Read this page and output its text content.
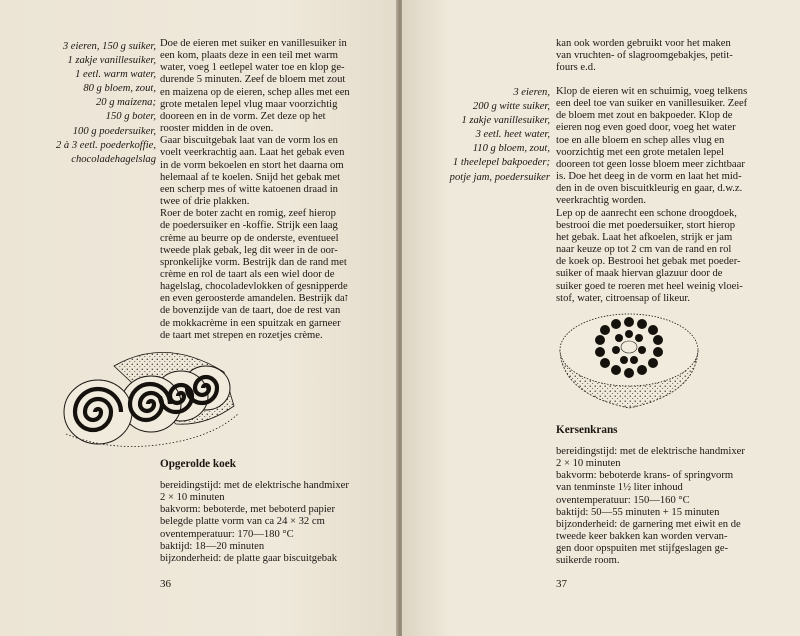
3 eieren, 150 g suiker,
1 zakje vanillesuiker,
1 eetl. warm water,
80 g bloem, zout,
20 g maizena;
150 g boter,
100 g poedersuiker,
2 à 3 eetl. poederkoffie,
chocoladehagelslag

Doe de eieren met suiker en vanillesuiker in
een kom, plaats deze in een teil met warm
water, voeg 1 eetlepel water toe en klop ge-
durende 5 minuten. Zeef de bloem met zout
en maizena op de eieren, schep alles met een
grote metalen lepel vlug maar voorzichtig
dooreen en in de vorm. Zet deze op het
rooster midden in de oven.
Gaar biscuitgebak laat van de vorm los en
voelt veerkrachtig aan. Laat het gebak even
in de vorm bekoelen en stort het daarna om
helemaal af te koelen. Snijd het gebak met
een scherp mes of witte katoenen draad in
twee of drie plakken.
Roer de boter zacht en romig, zeef hierop
de poedersuiker en -koffie. Strijk een laag
crème au beurre op de onderste, eventueel
tweede plak gebak, leg dit weer in de oor-
spronkelijke vorm. Bestrijk dan de rand met
crème en rol de taart als een wiel door de
hagelslag, chocoladevlokken of gesnipperde
en even geroosterde amandelen. Bestrijk daז
de bovenzijde van de taart, doe de rest van
de mokkacrème in een spuitzak en garneer
de taart met strepen en rozetjes crème.

Opgerolde koek

bereidingstijd: met de elektrische handmixer
2 × 10 minuten
bakvorm: beboterde, met beboterd papier
belegde platte vorm van ca 24 × 32 cm
oventemperatuur: 170—180 °C
baktijd: 18—20 minuten
bijzonderheid: de platte gaar biscuitgebak
36

kan ook worden gebruikt voor het maken
van vruchten- of slagroomgebakjes, petit-
fours e.d.

3 eieren,
200 g witte suiker,
1 zakje vanillesuiker,
3 eetl. heet water,
110 g bloem, zout,
1 theelepel bakpoeder;
potje jam, poedersuiker

Klop de eieren wit en schuimig, voeg telkens
een deel toe van suiker en vanillesuiker. Zeef
de bloem met zout en bakpoeder. Klop de
eieren nog even goed door, voeg het water
toe en alle bloem en schep alles vlug en
voorzichtig met een grote metalen lepel
dooreen tot geen losse bloem meer zichtbaar
is. Doe het deeg in de vorm en laat het mid-
den in de oven biscuitkleurig en gaar, d.w.z.
veerkrachtig worden.
Lep op de aanrecht een schone droogdoek,
bestrooi die met poedersuiker, stort hierop
het gebak. Laat het afkoelen, strijk er jam
naar keuze op tot 2 cm van de rand en rol
de koek op. Bestrooi het gebak met poeder-
suiker of maak hiervan glazuur door de
suiker goed te roeren met heel weinig vloei-
stof, water, citroensap of likeur.

Kersenkrans

bereidingstijd: met de elektrische handmixer
2 × 10 minuten
bakvorm: beboterde krans- of springvorm
van tenminste 1½ liter inhoud
oventemperatuur: 150—160 °C
baktijd: 50—55 minuten + 15 minuten
bijzonderheid: de garnering met eiwit en de
tweede keer bakken kan worden vervan-
gen door opspuiten met stijfgeslagen ge-
suikerde room.
37
